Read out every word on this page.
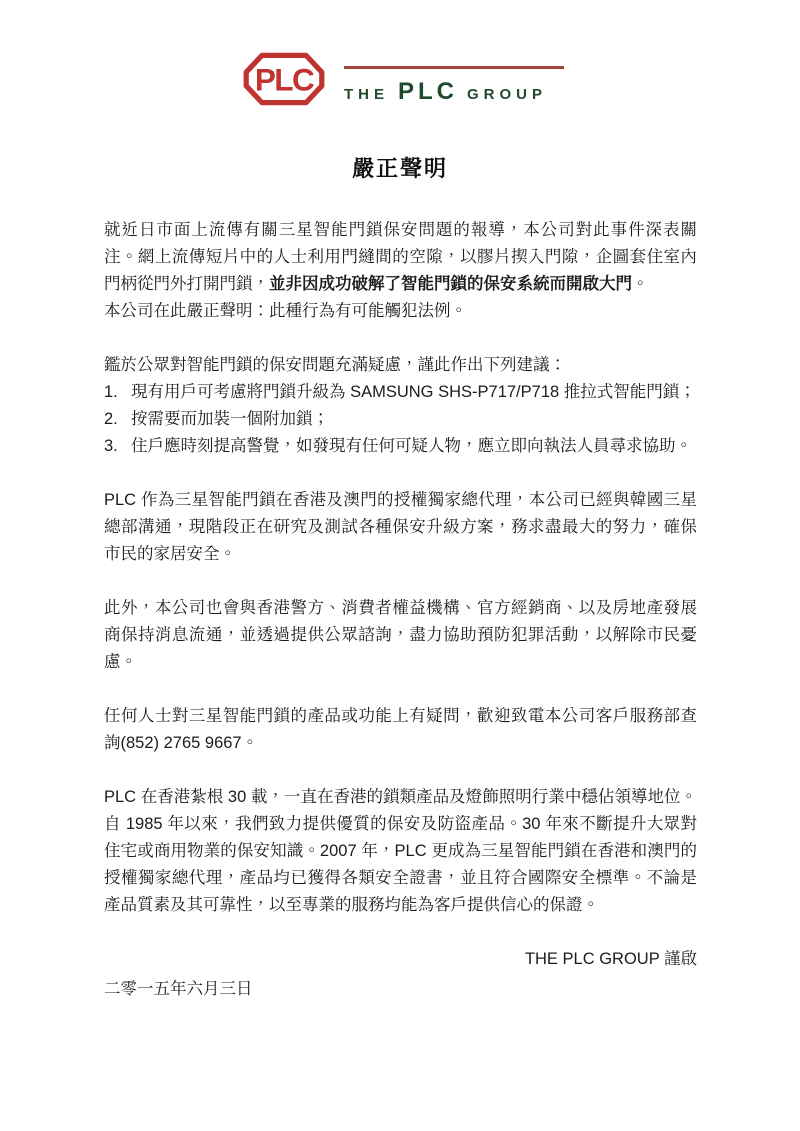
PLC THE PLC GROUP
嚴正聲明

就近日市面上流傳有關三星智能門鎖保安問題的報導，本公司對此事件深表關注。網上流傳短片中的人士利用門縫間的空隙，以膠片揳入門隙，企圖套住室內門柄從門外打開門鎖，並非因成功破解了智能門鎖的保安系統而開啟大門。
本公司在此嚴正聲明：此種行為有可能觸犯法例。

鑑於公眾對智能門鎖的保安問題充滿疑慮，謹此作出下列建議：

1. 現有用戶可考慮將門鎖升級為 SAMSUNG SHS-P717/P718 推拉式智能門鎖；
2. 按需要而加裝一個附加鎖；
3. 住戶應時刻提高警覺，如發現有任何可疑人物，應立即向執法人員尋求協助。

PLC 作為三星智能門鎖在香港及澳門的授權獨家總代理，本公司已經與韓國三星總部溝通，現階段正在研究及測試各種保安升級方案，務求盡最大的努力，確保市民的家居安全。

此外，本公司也會與香港警方、消費者權益機構、官方經銷商、以及房地產發展商保持消息流通，並透過提供公眾諮詢，盡力協助預防犯罪活動，以解除市民憂慮。

任何人士對三星智能門鎖的產品或功能上有疑問，歡迎致電本公司客戶服務部查詢(852) 2765 9667。

PLC 在香港紮根 30 載，一直在香港的鎖類產品及燈飾照明行業中穩佔領導地位。自 1985 年以來，我們致力提供優質的保安及防盜產品。30 年來不斷提升大眾對住宅或商用物業的保安知識。2007 年，PLC 更成為三星智能門鎖在香港和澳門的授權獨家總代理，產品均已獲得各類安全證書，並且符合國際安全標準。不論是產品質素及其可靠性，以至專業的服務均能為客戶提供信心的保證。

THE PLC GROUP 謹啟

二零一五年六月三日
